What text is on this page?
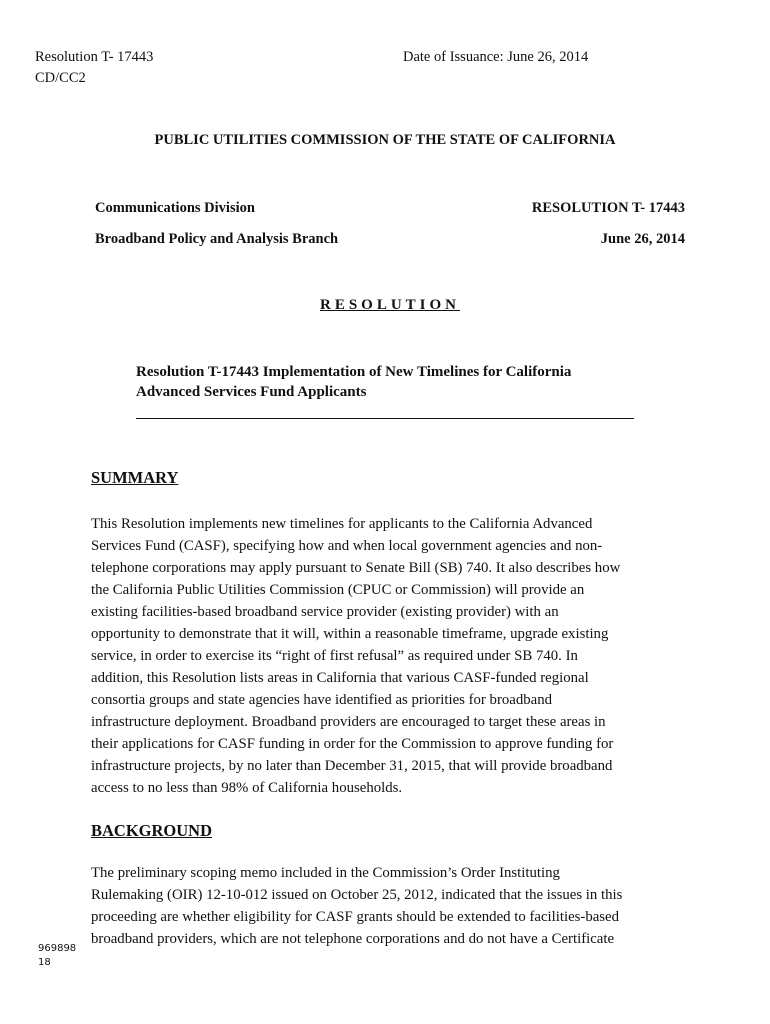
Resolution T- 17443
CD/CC2
Date of Issuance: June 26, 2014
PUBLIC UTILITIES COMMISSION OF THE STATE OF CALIFORNIA
Communications Division
Broadband Policy and Analysis Branch
RESOLUTION T- 17443
June 26, 2014
RESOLUTION
Resolution T-17443 Implementation of New Timelines for California Advanced Services Fund Applicants
SUMMARY
This Resolution implements new timelines for applicants to the California Advanced
Services Fund (CASF), specifying how and when local government agencies and non-
telephone corporations may apply pursuant to Senate Bill (SB) 740. It also describes how
the California Public Utilities Commission (CPUC or Commission) will provide an
existing facilities-based broadband service provider (existing provider) with an
opportunity to demonstrate that it will, within a reasonable timeframe, upgrade existing
service, in order to exercise its “right of first refusal” as required under SB 740. In
addition, this Resolution lists areas in California that various CASF-funded regional
consortia groups and state agencies have identified as priorities for broadband
infrastructure deployment. Broadband providers are encouraged to target these areas in
their applications for CASF funding in order for the Commission to approve funding for
infrastructure projects, by no later than December 31, 2015, that will provide broadband
access to no less than 98% of California households.
BACKGROUND
The preliminary scoping memo included in the Commission’s Order Instituting
Rulemaking (OIR) 12-10-012 issued on October 25, 2012, indicated that the issues in this
proceeding are whether eligibility for CASF grants should be extended to facilities-based
broadband providers, which are not telephone corporations and do not have a Certificate
969898
18
